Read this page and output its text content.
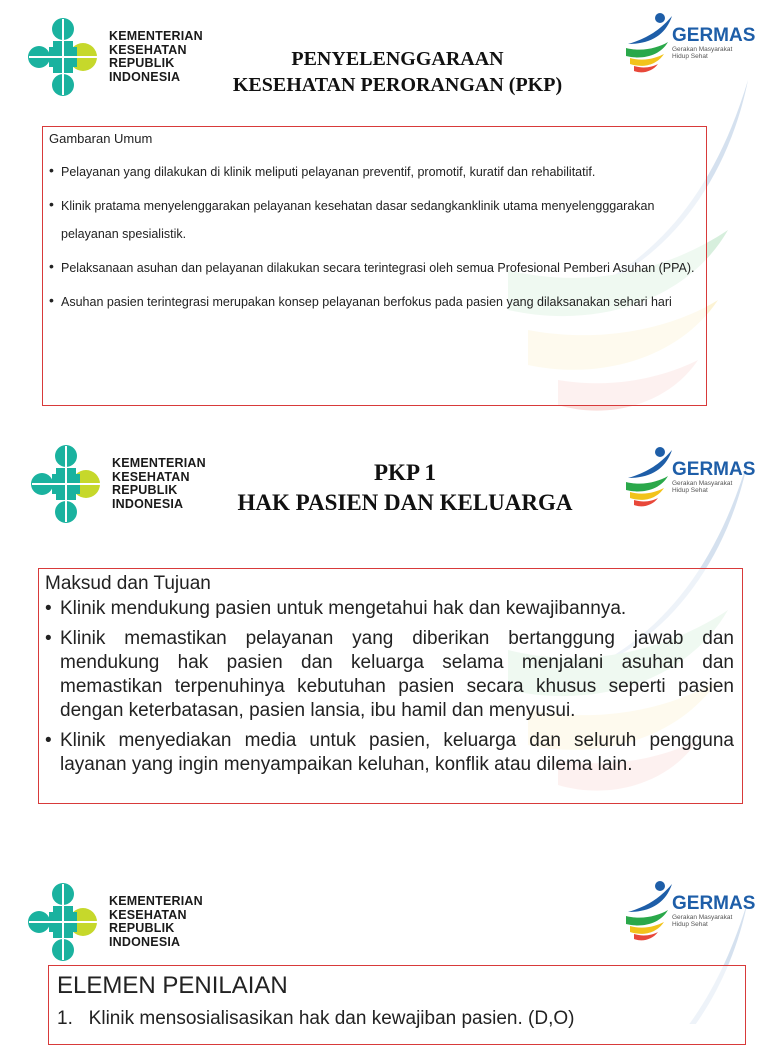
KEMENTERIAN
KESEHATAN
REPUBLIK
INDONESIA
PENYELENGGARAAN
KESEHATAN PERORANGAN (PKP)
GERMAS
Gerakan Masyarakat
Hidup Sehat
Gambaran Umum
• Pelayanan yang dilakukan di klinik meliputi pelayanan preventif, promotif, kuratif dan rehabilitatif.
• Klinik pratama menyelenggarakan pelayanan kesehatan dasar sedangkanklinik utama menyelengggarakan pelayanan spesialistik.
• Pelaksanaan asuhan dan pelayanan dilakukan secara terintegrasi oleh semua Profesional Pemberi Asuhan (PPA).
• Asuhan pasien terintegrasi merupakan konsep pelayanan berfokus pada pasien yang dilaksanakan sehari hari
KEMENTERIAN
KESEHATAN
REPUBLIK
INDONESIA
PKP 1
HAK PASIEN DAN KELUARGA
GERMAS
Gerakan Masyarakat
Hidup Sehat
Maksud dan Tujuan
• Klinik mendukung pasien untuk mengetahui hak dan kewajibannya.
• Klinik memastikan pelayanan yang diberikan bertanggung jawab dan mendukung hak pasien dan keluarga selama menjalani asuhan dan memastikan terpenuhinya kebutuhan pasien secara khusus seperti pasien dengan keterbatasan, pasien lansia, ibu hamil dan menyusui.
• Klinik menyediakan media untuk pasien, keluarga dan seluruh pengguna layanan yang ingin menyampaikan keluhan, konflik atau dilema lain.
KEMENTERIAN
KESEHATAN
REPUBLIK
INDONESIA
GERMAS
Gerakan Masyarakat
Hidup Sehat
ELEMEN PENILAIAN
1.   Klinik mensosialisasikan hak dan kewajiban pasien. (D,O)
